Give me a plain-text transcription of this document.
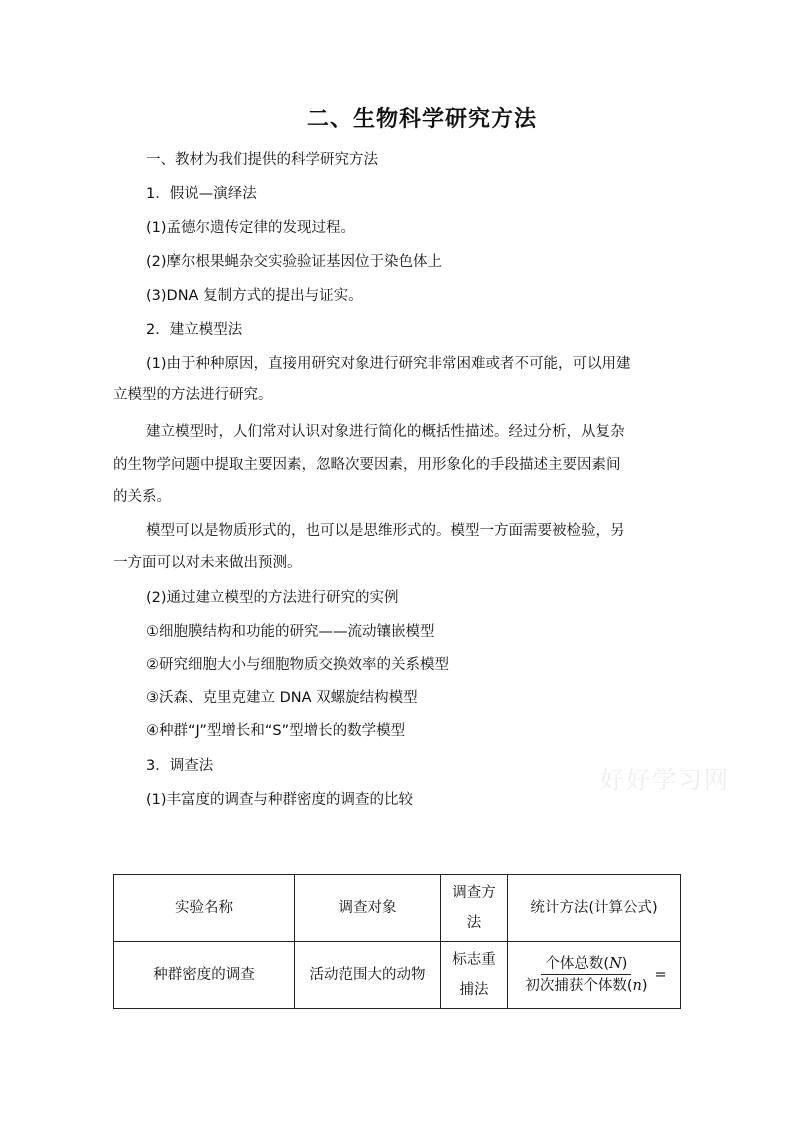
二、生物科学研究方法
一、教材为我们提供的科学研究方法
1．假说—演绎法
(1)孟德尔遗传定律的发现过程。
(2)摩尔根果蝇杂交实验验证基因位于染色体上
(3)DNA 复制方式的提出与证实。
2．建立模型法
(1)由于种种原因，直接用研究对象进行研究非常困难或者不可能，可以用建
立模型的方法进行研究。
建立模型时，人们常对认识对象进行简化的概括性描述。经过分析，从复杂
的生物学问题中提取主要因素，忽略次要因素，用形象化的手段描述主要因素间
的关系。
模型可以是物质形式的，也可以是思维形式的。模型一方面需要被检验，另
一方面可以对未来做出预测。
(2)通过建立模型的方法进行研究的实例
①细胞膜结构和功能的研究——流动镶嵌模型
②研究细胞大小与细胞物质交换效率的关系模型
③沃森、克里克建立 DNA 双螺旋结构模型
④种群“J”型增长和“S”型增长的数学模型
3．调查法
(1)丰富度的调查与种群密度的调查的比较
好好学习网
实验名称	调查对象	调查方法	统计方法(计算公式)
种群密度的调查	活动范围大的动物	标志重捕法	$\frac{\text{个体总数(N)}}{\text{初次捕获个体数(n)}}$ =
